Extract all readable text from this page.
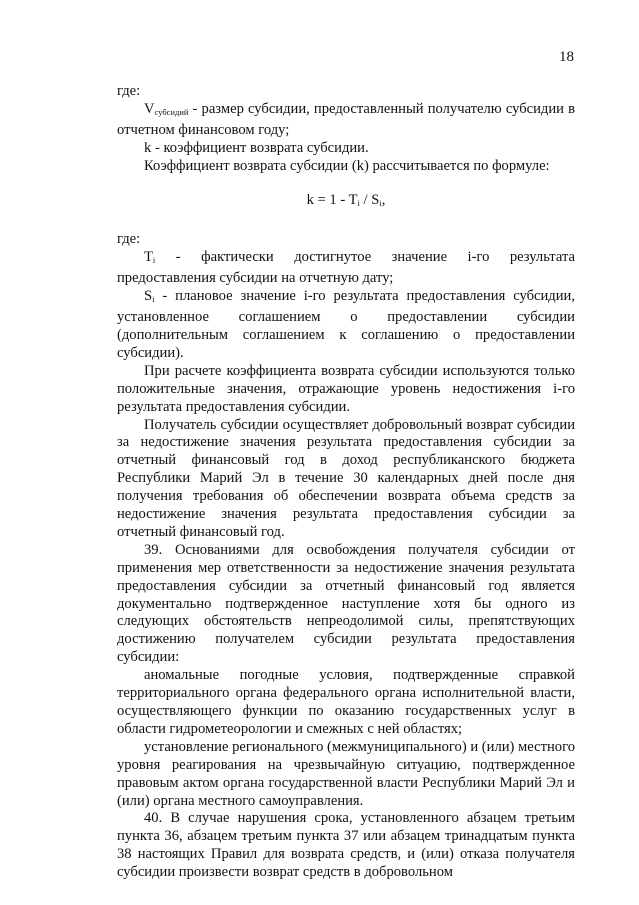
18

где:

$V_{субсидий}$ - размер субсидии, предоставленный получателю субсидии в отчетном финансовом году;

k - коэффициент возврата субсидии.

Коэффициент возврата субсидии (k) рассчитывается по формуле:

$k = 1 - T_i / S_i$,

где:

$T_i$ - фактически достигнутое значение i-го результата предоставления субсидии на отчетную дату;

$S_i$ - плановое значение i-го результата предоставления субсидии, установленное соглашением о предоставлении субсидии (дополнительным соглашением к соглашению о предоставлении субсидии).

При расчете коэффициента возврата субсидии используются только положительные значения, отражающие уровень недостижения i-го результата предоставления субсидии.

Получатель субсидии осуществляет добровольный возврат субсидии за недостижение значения результата предоставления субсидии за отчетный финансовый год в доход республиканского бюджета Республики Марий Эл в течение 30 календарных дней после дня получения требования об обеспечении возврата объема средств за недостижение значения результата предоставления субсидии за отчетный финансовый год.

39. Основаниями для освобождения получателя субсидии от применения мер ответственности за недостижение значения результата предоставления субсидии за отчетный финансовый год является документально подтвержденное наступление хотя бы одного из следующих обстоятельств непреодолимой силы, препятствующих достижению получателем субсидии результата предоставления субсидии:

аномальные погодные условия, подтвержденные справкой территориального органа федерального органа исполнительной власти, осуществляющего функции по оказанию государственных услуг в области гидрометеорологии и смежных с ней областях;

установление регионального (межмуниципального) и (или) местного уровня реагирования на чрезвычайную ситуацию, подтвержденное правовым актом органа государственной власти Республики Марий Эл и (или) органа местного самоуправления.

40. В случае нарушения срока, установленного абзацем третьим пункта 36, абзацем третьим пункта 37 или абзацем тринадцатым пункта 38 настоящих Правил для возврата средств, и (или) отказа получателя субсидии произвести возврат средств в добровольном
